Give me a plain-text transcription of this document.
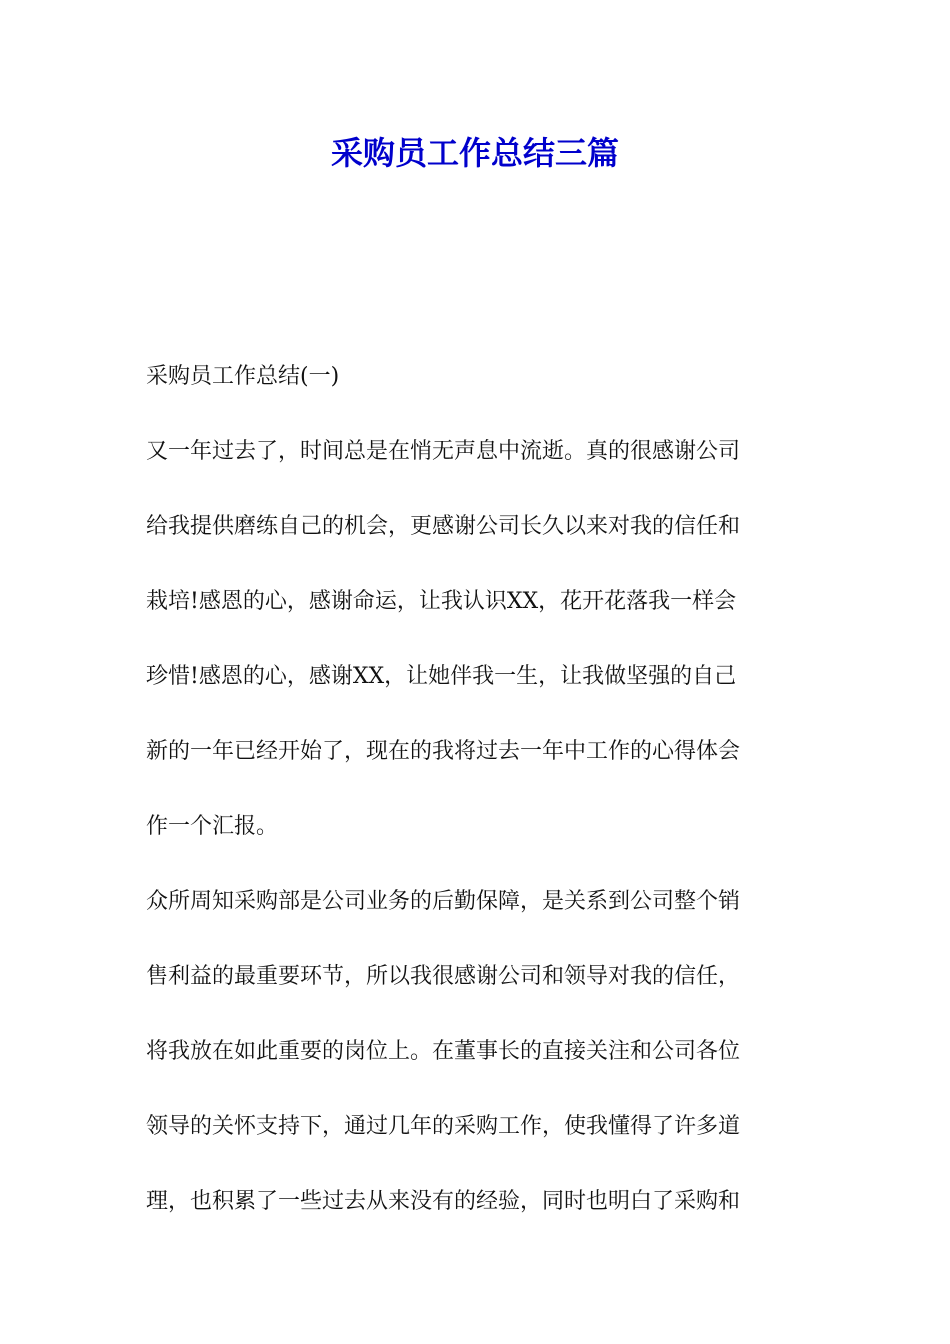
采购员工作总结三篇
采购员工作总结(一)
又一年过去了，时间总是在悄无声息中流逝。真的很感谢公司
给我提供磨练自己的机会，更感谢公司长久以来对我的信任和
栽培!感恩的心，感谢命运，让我认识XX，花开花落我一样会
珍惜!感恩的心，感谢XX，让她伴我一生，让我做坚强的自己
新的一年已经开始了，现在的我将过去一年中工作的心得体会
作一个汇报。
众所周知采购部是公司业务的后勤保障，是关系到公司整个销
售利益的最重要环节，所以我很感谢公司和领导对我的信任，
将我放在如此重要的岗位上。在董事长的直接关注和公司各位
领导的关怀支持下，通过几年的采购工作，使我懂得了许多道
理，也积累了一些过去从来没有的经验，同时也明白了采购和
